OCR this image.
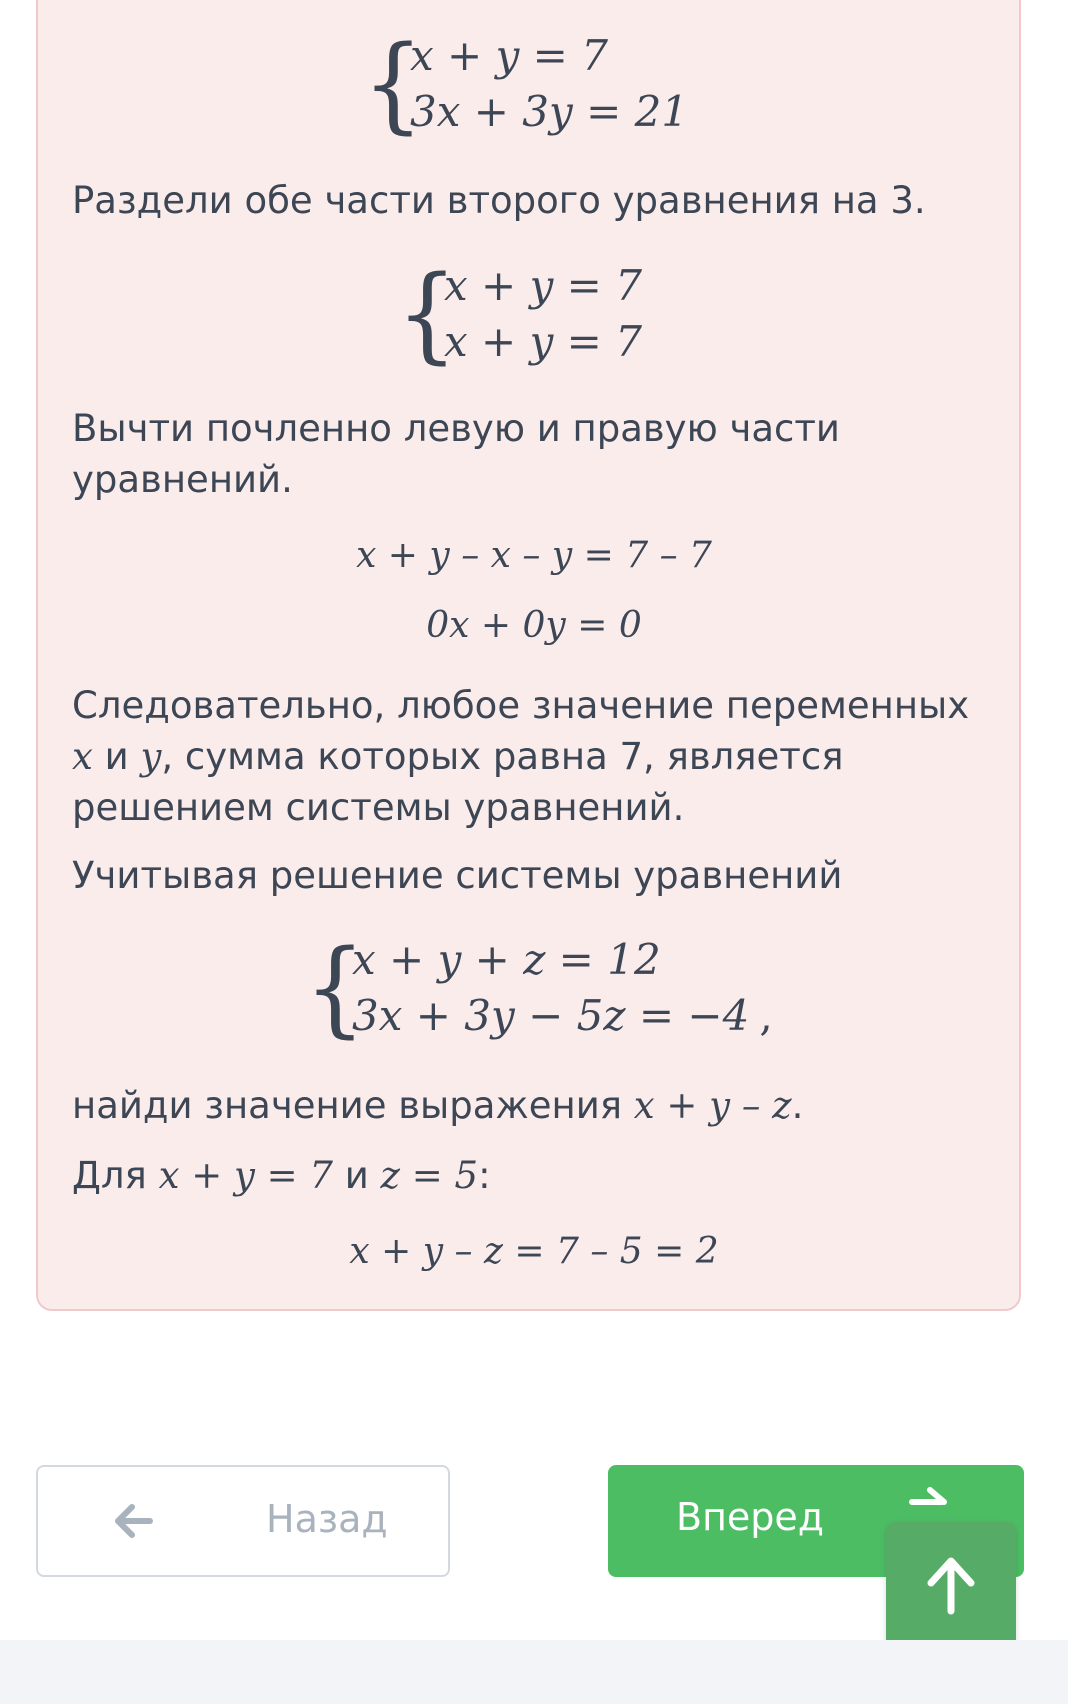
{
x + y = 7
3x + 3y = 21

Раздели обе части второго уравнения на 3.

{
x + y = 7
x + y = 7

Вычти почленно левую и правую части уравнений.

x + y – x – y = 7 – 7
0x + 0y = 0

Следовательно, любое значение переменных x и y, сумма которых равна 7, является решением системы уравнений.

Учитывая решение системы уравнений

{
x + y + z = 12
3x + 3y − 5z = −4 ,

найди значение выражения x + y – z.

Для x + y = 7 и z = 5:

x + y – z = 7 – 5 = 2
Назад	Вперед
